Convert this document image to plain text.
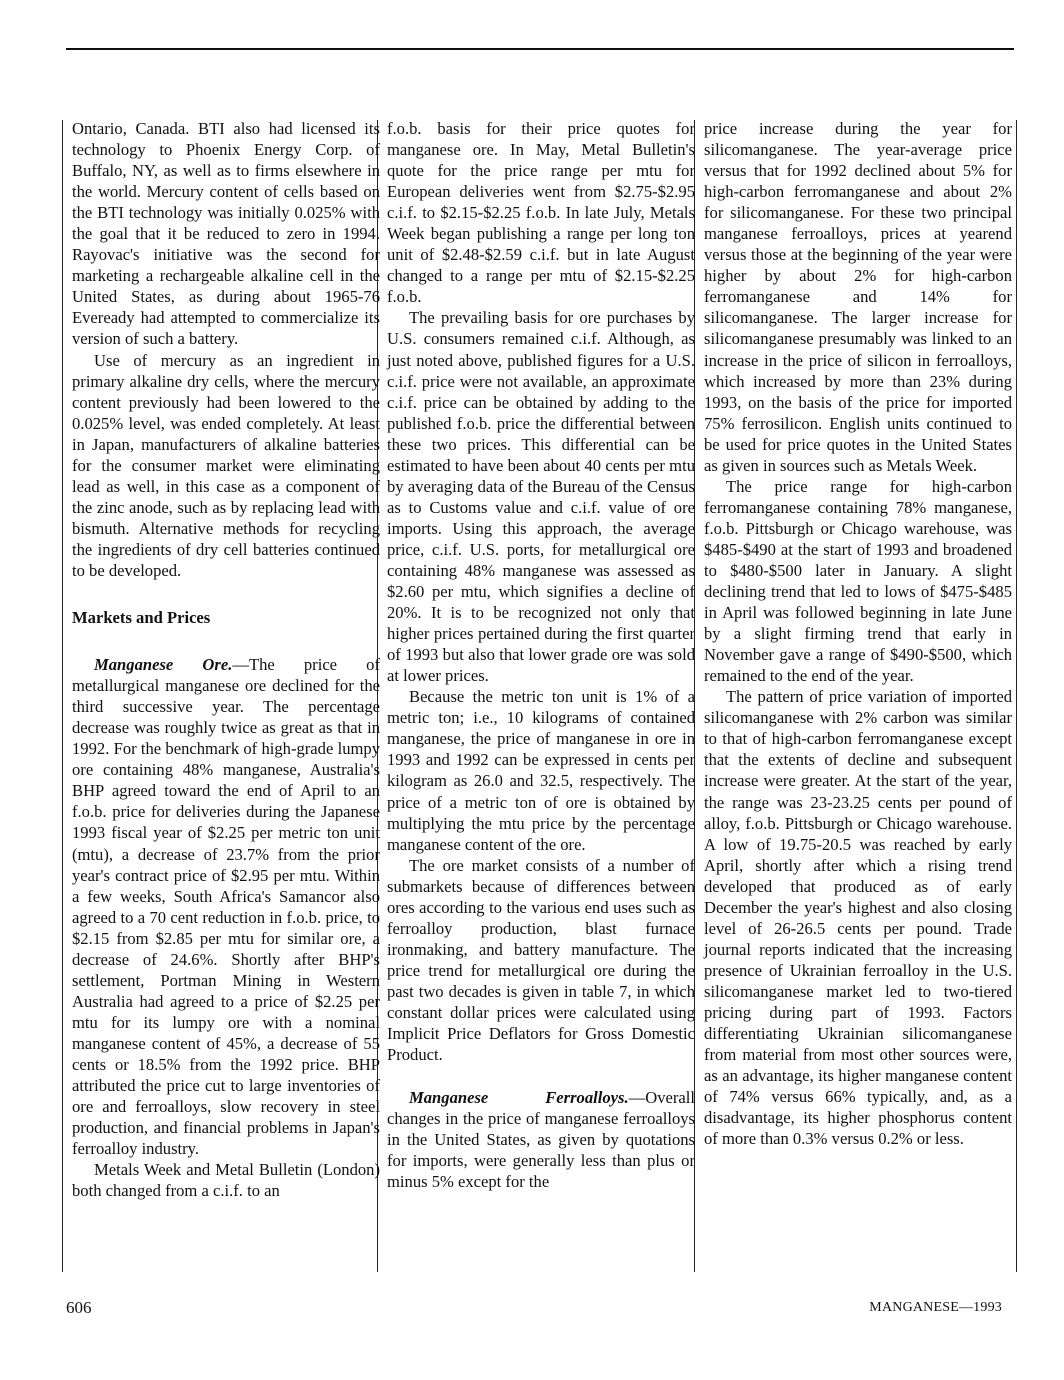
Ontario, Canada. BTI also had licensed its technology to Phoenix Energy Corp. of Buffalo, NY, as well as to firms elsewhere in the world. Mercury content of cells based on the BTI technology was initially 0.025% with the goal that it be reduced to zero in 1994. Rayovac's initiative was the second for marketing a rechargeable alkaline cell in the United States, as during about 1965-76 Eveready had attempted to commercialize its version of such a battery.

Use of mercury as an ingredient in primary alkaline dry cells, where the mercury content previously had been lowered to the 0.025% level, was ended completely. At least in Japan, manufacturers of alkaline batteries for the consumer market were eliminating lead as well, in this case as a component of the zinc anode, such as by replacing lead with bismuth. Alternative methods for recycling the ingredients of dry cell batteries continued to be developed.

Markets and Prices

Manganese Ore.—The price of metallurgical manganese ore declined for the third successive year. The percentage decrease was roughly twice as great as that in 1992. For the benchmark of high-grade lumpy ore containing 48% manganese, Australia's BHP agreed toward the end of April to an f.o.b. price for deliveries during the Japanese 1993 fiscal year of $2.25 per metric ton unit (mtu), a decrease of 23.7% from the prior year's contract price of $2.95 per mtu. Within a few weeks, South Africa's Samancor also agreed to a 70 cent reduction in f.o.b. price, to $2.15 from $2.85 per mtu for similar ore, a decrease of 24.6%. Shortly after BHP's settlement, Portman Mining in Western Australia had agreed to a price of $2.25 per mtu for its lumpy ore with a nominal manganese content of 45%, a decrease of 55 cents or 18.5% from the 1992 price. BHP attributed the price cut to large inventories of ore and ferroalloys, slow recovery in steel production, and financial problems in Japan's ferroalloy industry.

Metals Week and Metal Bulletin (London) both changed from a c.i.f. to an

f.o.b. basis for their price quotes for manganese ore. In May, Metal Bulletin's quote for the price range per mtu for European deliveries went from $2.75-$2.95 c.i.f. to $2.15-$2.25 f.o.b. In late July, Metals Week began publishing a range per long ton unit of $2.48-$2.59 c.i.f. but in late August changed to a range per mtu of $2.15-$2.25 f.o.b.

The prevailing basis for ore purchases by U.S. consumers remained c.i.f. Although, as just noted above, published figures for a U.S. c.i.f. price were not available, an approximate c.i.f. price can be obtained by adding to the published f.o.b. price the differential between these two prices. This differential can be estimated to have been about 40 cents per mtu by averaging data of the Bureau of the Census as to Customs value and c.i.f. value of ore imports. Using this approach, the average price, c.i.f. U.S. ports, for metallurgical ore containing 48% manganese was assessed as $2.60 per mtu, which signifies a decline of 20%. It is to be recognized not only that higher prices pertained during the first quarter of 1993 but also that lower grade ore was sold at lower prices.

Because the metric ton unit is 1% of a metric ton; i.e., 10 kilograms of contained manganese, the price of manganese in ore in 1993 and 1992 can be expressed in cents per kilogram as 26.0 and 32.5, respectively. The price of a metric ton of ore is obtained by multiplying the mtu price by the percentage manganese content of the ore.

The ore market consists of a number of submarkets because of differences between ores according to the various end uses such as ferroalloy production, blast furnace ironmaking, and battery manufacture. The price trend for metallurgical ore during the past two decades is given in table 7, in which constant dollar prices were calculated using Implicit Price Deflators for Gross Domestic Product.

Manganese Ferroalloys.—Overall changes in the price of manganese ferroalloys in the United States, as given by quotations for imports, were generally less than plus or minus 5% except for the

price increase during the year for silicomanganese. The year-average price versus that for 1992 declined about 5% for high-carbon ferromanganese and about 2% for silicomanganese. For these two principal manganese ferroalloys, prices at yearend versus those at the beginning of the year were higher by about 2% for high-carbon ferromanganese and 14% for silicomanganese. The larger increase for silicomanganese presumably was linked to an increase in the price of silicon in ferroalloys, which increased by more than 23% during 1993, on the basis of the price for imported 75% ferrosilicon. English units continued to be used for price quotes in the United States as given in sources such as Metals Week.

The price range for high-carbon ferromanganese containing 78% manganese, f.o.b. Pittsburgh or Chicago warehouse, was $485-$490 at the start of 1993 and broadened to $480-$500 later in January. A slight declining trend that led to lows of $475-$485 in April was followed beginning in late June by a slight firming trend that early in November gave a range of $490-$500, which remained to the end of the year.

The pattern of price variation of imported silicomanganese with 2% carbon was similar to that of high-carbon ferromanganese except that the extents of decline and subsequent increase were greater. At the start of the year, the range was 23-23.25 cents per pound of alloy, f.o.b. Pittsburgh or Chicago warehouse. A low of 19.75-20.5 was reached by early April, shortly after which a rising trend developed that produced as of early December the year's highest and also closing level of 26-26.5 cents per pound. Trade journal reports indicated that the increasing presence of Ukrainian ferroalloy in the U.S. silicomanganese market led to two-tiered pricing during part of 1993. Factors differentiating Ukrainian silicomanganese from material from most other sources were, as an advantage, its higher manganese content of 74% versus 66% typically, and, as a disadvantage, its higher phosphorus content of more than 0.3% versus 0.2% or less.

606	MANGANESE—1993
